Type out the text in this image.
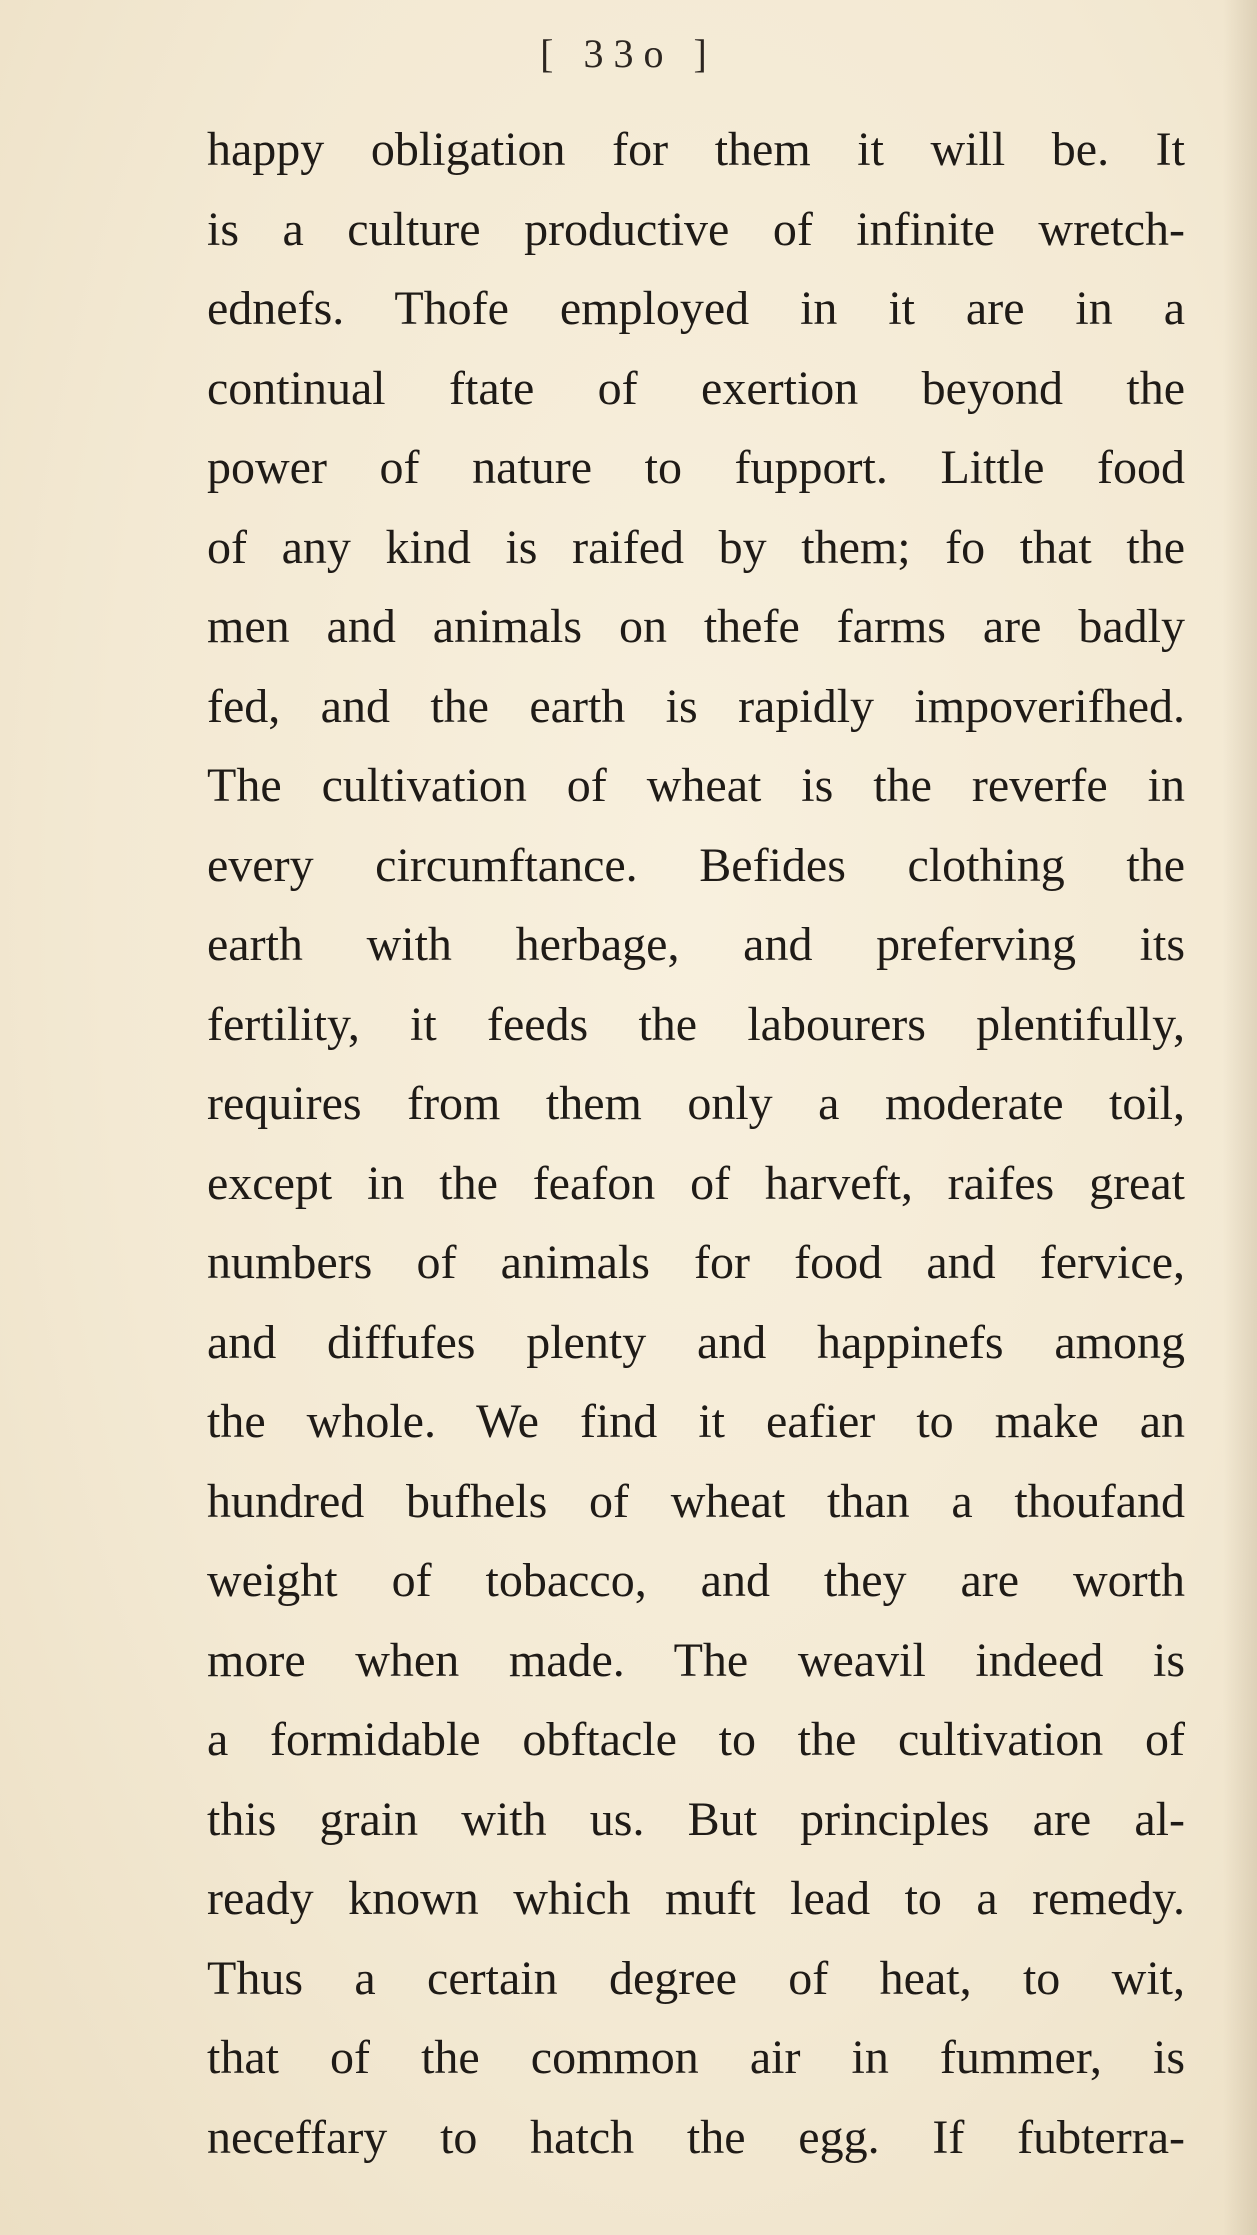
[ 33o ]
happy obligation for them it will be. It
is a culture productive of infinite wretch-
ednefs. Thofe employed in it are in a
continual ftate of exertion beyond the
power of nature to fupport. Little food
of any kind is raifed by them; fo that the
men and animals on thefe farms are badly
fed, and the earth is rapidly impoverifhed.
The cultivation of wheat is the reverfe in
every circumftance. Befides clothing the
earth with herbage, and preferving its
fertility, it feeds the labourers plentifully,
requires from them only a moderate toil,
except in the feafon of harveft, raifes great
numbers of animals for food and fervice,
and diffufes plenty and happinefs among
the whole. We find it eafier to make an
hundred bufhels of wheat than a thoufand
weight of tobacco, and they are worth
more when made. The weavil indeed is
a formidable obftacle to the cultivation of
this grain with us. But principles are al-
ready known which muft lead to a remedy.
Thus a certain degree of heat, to wit,
that of the common air in fummer, is
neceffary to hatch the egg. If fubterra-
